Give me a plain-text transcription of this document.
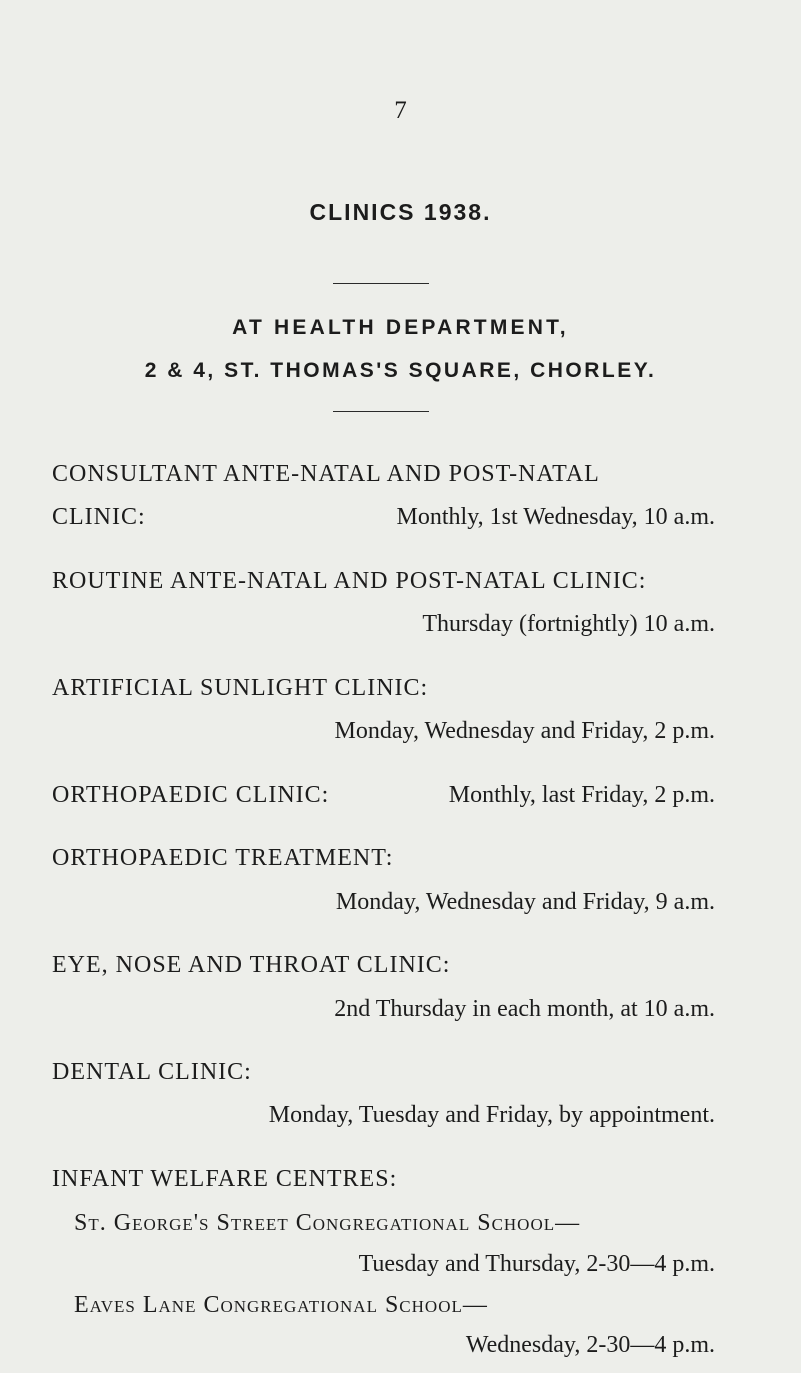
7
CLINICS 1938.
AT HEALTH DEPARTMENT,
2 & 4, ST. THOMAS'S SQUARE, CHORLEY.
CONSULTANT ANTE-NATAL AND POST-NATAL
CLINIC:	Monthly, 1st Wednesday, 10 a.m.
ROUTINE ANTE-NATAL AND POST-NATAL CLINIC:
Thursday (fortnightly) 10 a.m.
ARTIFICIAL SUNLIGHT CLINIC:
Monday, Wednesday and Friday, 2 p.m.
ORTHOPAEDIC CLINIC:	Monthly, last Friday, 2 p.m.
ORTHOPAEDIC TREATMENT:
Monday, Wednesday and Friday, 9 a.m.
EYE, NOSE AND THROAT CLINIC:
2nd Thursday in each month, at 10 a.m.
DENTAL CLINIC:
Monday, Tuesday and Friday, by appointment.
INFANT WELFARE CENTRES:
St. George's Street Congregational School—
Tuesday and Thursday, 2-30—4 p.m.
Eaves Lane Congregational School—
Wednesday, 2-30—4 p.m.
